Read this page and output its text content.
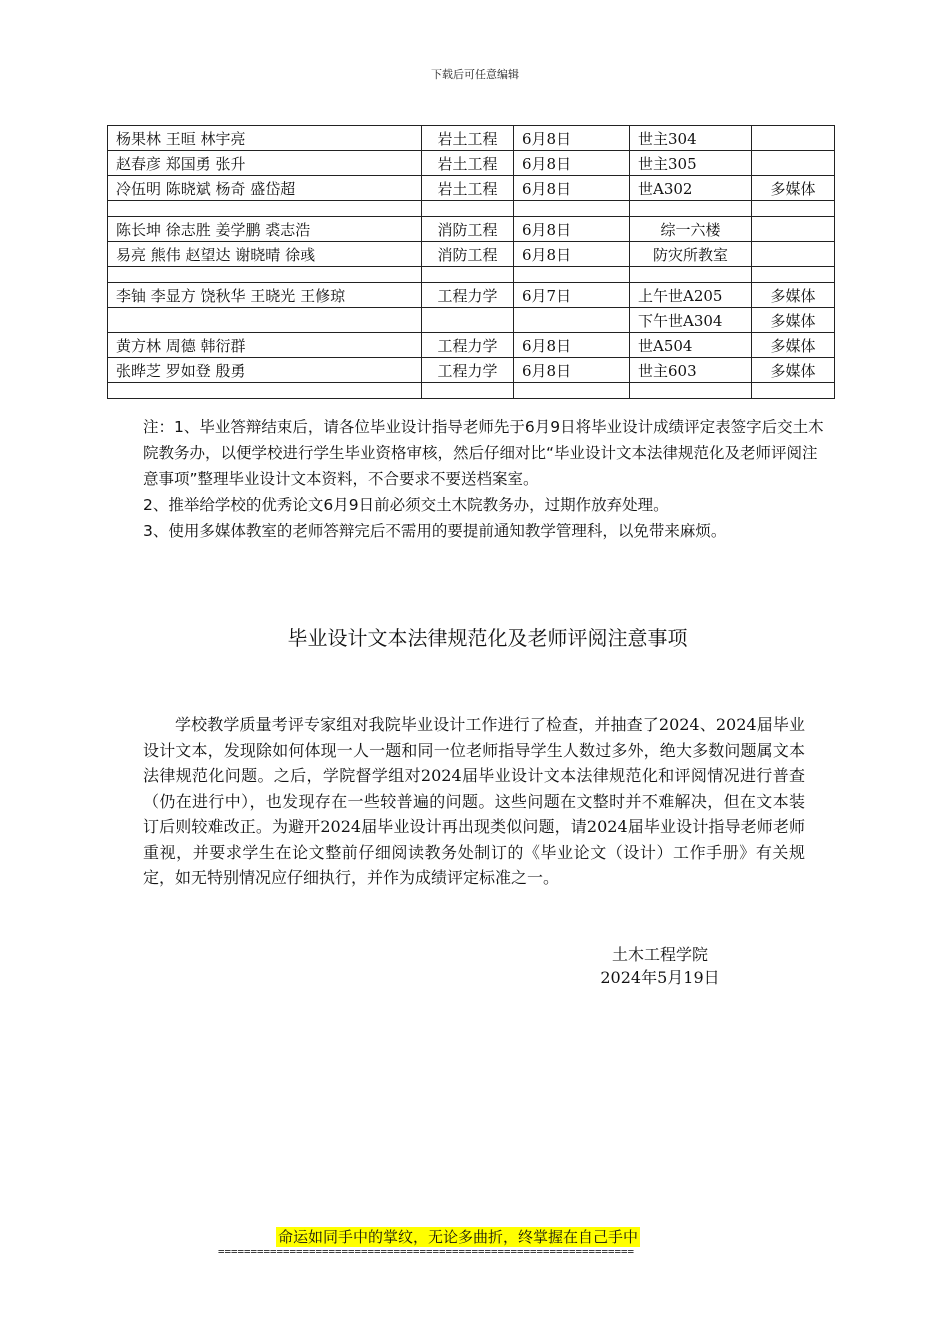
下载后可任意编辑
杨果林 王晅 林宇亮	岩土工程	6月8日	世主304	
赵春彦 郑国勇 张升	岩土工程	6月8日	世主305	
冷伍明 陈晓斌 杨奇 盛岱超	岩土工程	6月8日	世A302	多媒体

陈长坤 徐志胜 姜学鹏 裘志浩	消防工程	6月8日	综一六楼	
易亮 熊伟 赵望达 谢晓晴 徐彧	消防工程	6月8日	防灾所教室	

李铀 李显方 饶秋华 王晓光 王修琼	工程力学	6月7日	上午世A205	多媒体
			下午世A304	多媒体
黄方林 周德 韩衍群	工程力学	6月8日	世A504	多媒体
张晔芝 罗如登 殷勇	工程力学	6月8日	世主603	多媒体

注：1、毕业答辩结束后，请各位毕业设计指导老师先于6月9日将毕业设计成绩评定表签字后交土木院教务办，以便学校进行学生毕业资格审核，然后仔细对比“毕业设计文本法律规范化及老师评阅注意事项”整理毕业设计文本资料，不合要求不要送档案室。

2、推举给学校的优秀论文6月9日前必须交土木院教务办，过期作放弃处理。

3、使用多媒体教室的老师答辩完后不需用的要提前通知教学管理科，以免带来麻烦。

毕业设计文本法律规范化及老师评阅注意事项

学校教学质量考评专家组对我院毕业设计工作进行了检查，并抽查了2024、2024届毕业设计文本，发现除如何体现一人一题和同一位老师指导学生人数过多外，绝大多数问题属文本法律规范化问题。之后，学院督学组对2024届毕业设计文本法律规范化和评阅情况进行普查（仍在进行中），也发现存在一些较普遍的问题。这些问题在文整时并不难解决，但在文本装订后则较难改正。为避开2024届毕业设计再出现类似问题，请2024届毕业设计指导老师老师重视，并要求学生在论文整前仔细阅读教务处制订的《毕业论文（设计）工作手册》有关规定，如无特别情况应仔细执行，并作为成绩评定标准之一。

土木工程学院
2024年5月19日
命运如同手中的掌纹，无论多曲折，终掌握在自己手中
================================================================
